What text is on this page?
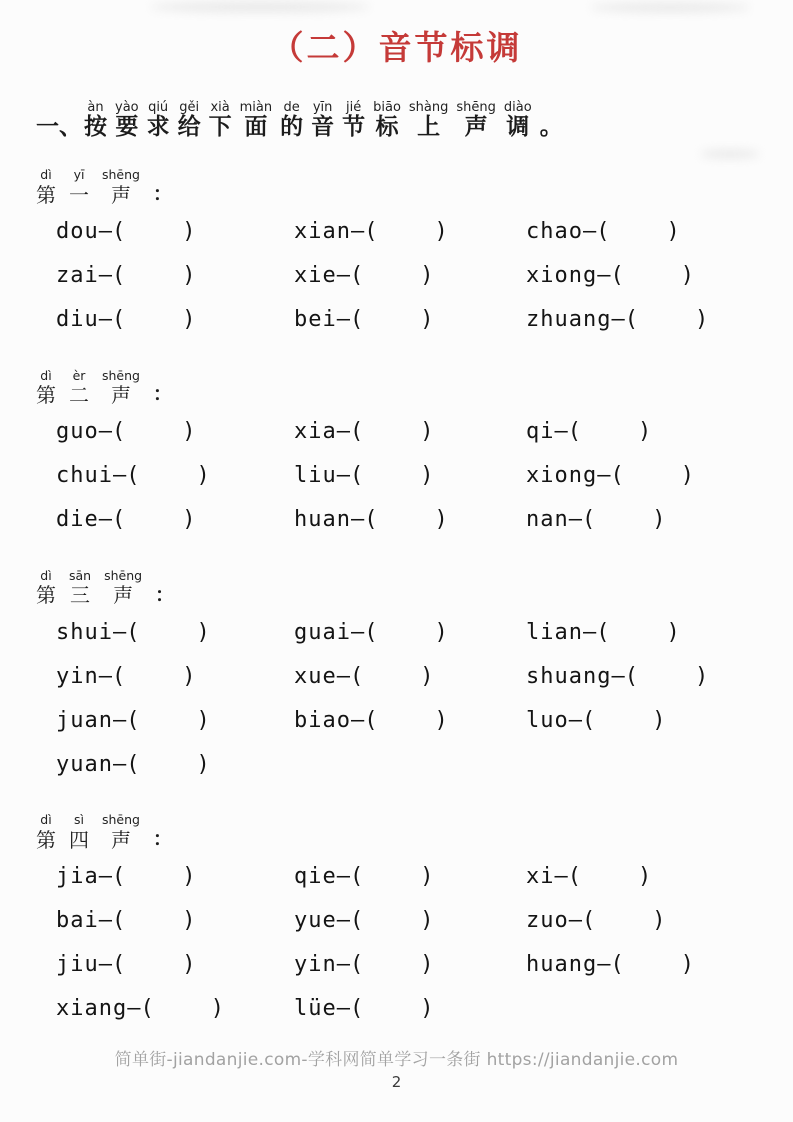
（二）音节标调
一、
àn
按
yào
要
qiú
求
gěi
给
xià
下
miàn
面
de
的
yīn
音
jié
节
biāo
标
shàng
上
shēng
声
diào
调 。
dì
第
yī
一
shēng
声 ：
dou—(	)	xian—(	)	chao—(	)
zai—(	)	xie—(	)	xiong—(	)
diu—(	)	bei—(	)	zhuang—(	)
dì
第
èr
二
shēng
声 ：
guo—(	)	xia—(	)	qi—(	)
chui—(	)	liu—(	)	xiong—(	)
die—(	)	huan—(	)	nan—(	)
dì
第
sān
三
shēng
声 ：
shui—(	)	guai—(	)	lian—(	)
yin—(	)	xue—(	)	shuang—(	)
juan—(	)	biao—(	)	luo—(	)
yuan—(	)
dì
第
sì
四
shēng
声 ：
jia—(	)	qie—(	)	xi—(	)
bai—(	)	yue—(	)	zuo—(	)
jiu—(	)	yin—(	)	huang—(	)
xiang—(	)	lüe—(	)
简单街-jiandanjie.com-学科网简单学习一条街 https://jiandanjie.com
2
